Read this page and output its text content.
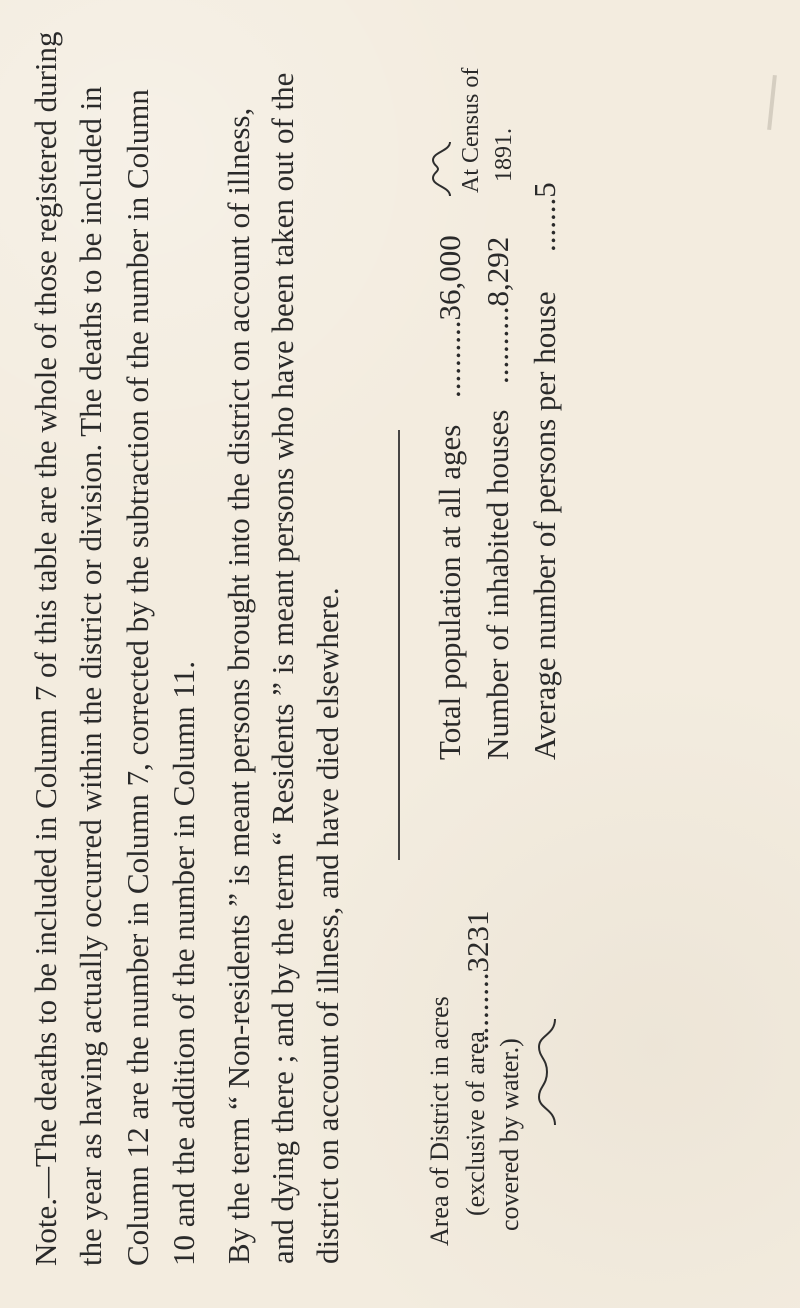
Note.—The deaths to be included in Column 7 of this table are the whole of those registered during the year as having actually occurred within the district or division. The deaths to be included in Column 12 are the number in Column 7, corrected by the subtraction of the number in Column 10 and the addition of the number in Column 11. By the term “ Non-residents ” is meant persons brought into the district on account of illness, and dying there ; and by the term “ Residents ” is meant persons who have been taken out of the district on account of illness, and have died elsewhere.	Area of District in acres (exclusive of area covered by water.)
..........3231
Total population at all ages
..........36,000
Number of inhabited houses
..........8,292 Average number of persons per house
.......5
At Census of 1891.
